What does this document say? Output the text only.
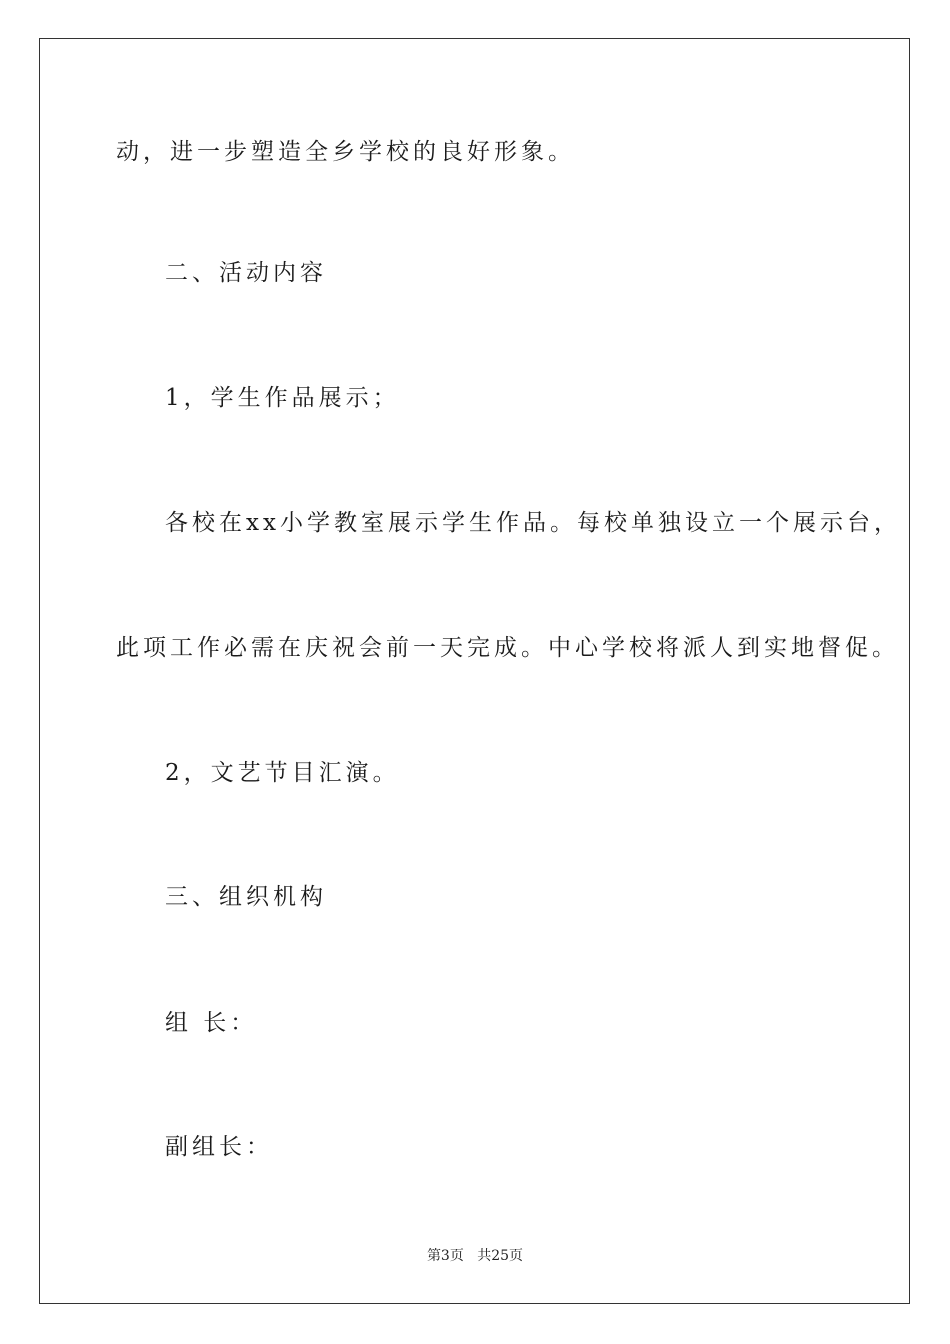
动，进一步塑造全乡学校的良好形象。
二、活动内容
1，学生作品展示；
各校在xx小学教室展示学生作品。每校单独设立一个展示台，
此项工作必需在庆祝会前一天完成。中心学校将派人到实地督促。
2，文艺节目汇演。
三、组织机构
组 长：
副组长：
第3页 共25页
